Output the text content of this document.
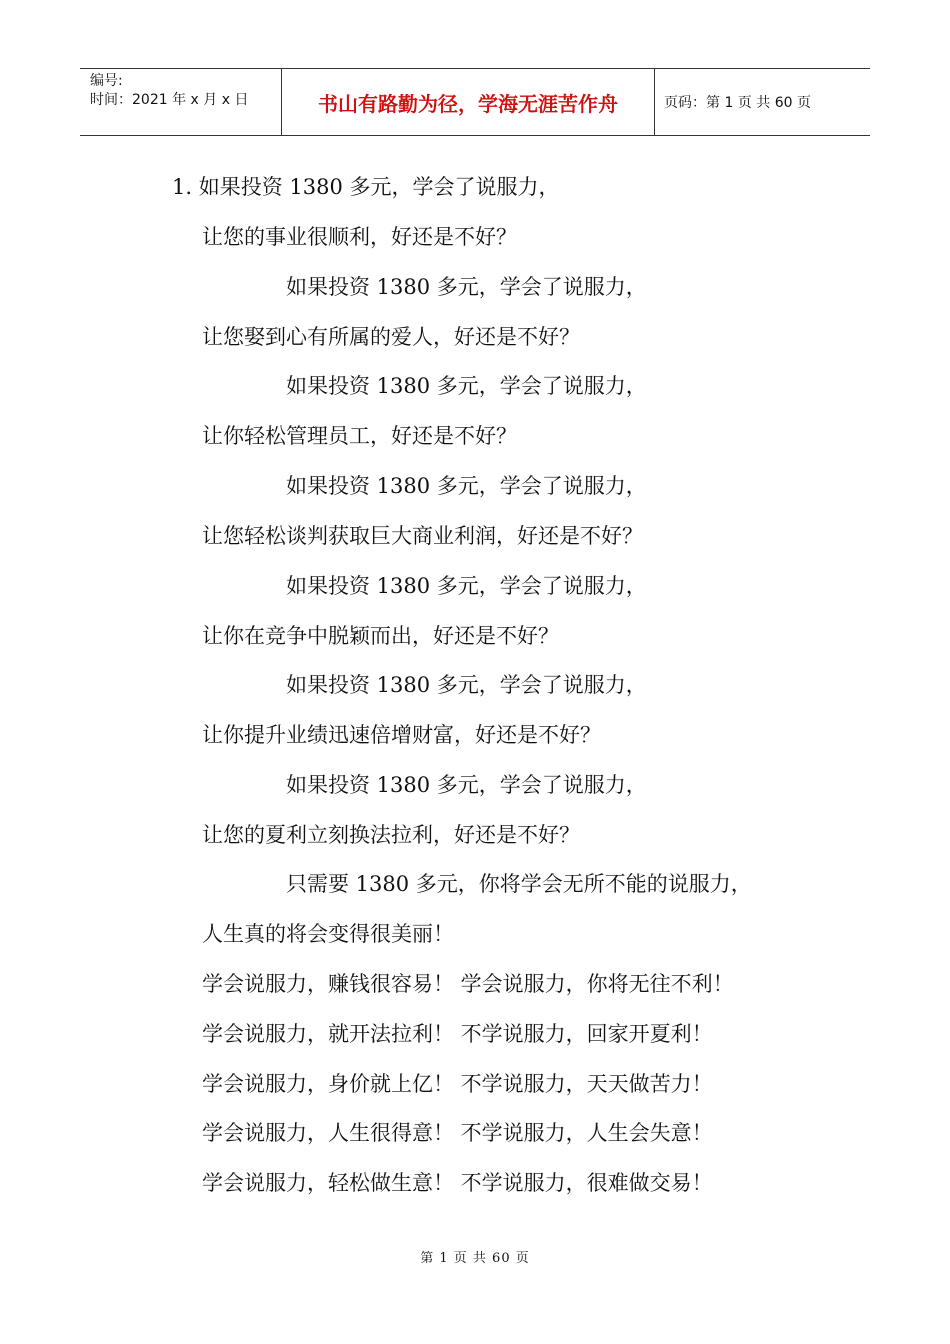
编号:
时间：2021 年 x 月 x 日	书山有路勤为径，学海无涯苦作舟	页码：第 1 页 共 60 页
1. 如果投资 1380 多元，学会了说服力，
让您的事业很顺利，好还是不好？
如果投资 1380 多元，学会了说服力，
让您娶到心有所属的爱人，好还是不好？
如果投资 1380 多元，学会了说服力，
让你轻松管理员工，好还是不好？
如果投资 1380 多元，学会了说服力，
让您轻松谈判获取巨大商业利润，好还是不好？
如果投资 1380 多元，学会了说服力，
让你在竞争中脱颖而出，好还是不好？
如果投资 1380 多元，学会了说服力，
让你提升业绩迅速倍增财富，好还是不好？
如果投资 1380 多元，学会了说服力，
让您的夏利立刻换法拉利，好还是不好？
只需要 1380 多元，你将学会无所不能的说服力，
人生真的将会变得很美丽！
学会说服力，赚钱很容易！ 学会说服力，你将无往不利！
学会说服力，就开法拉利！ 不学说服力，回家开夏利！
学会说服力，身价就上亿！ 不学说服力，天天做苦力！
学会说服力，人生很得意！ 不学说服力，人生会失意！
学会说服力，轻松做生意！ 不学说服力，很难做交易！
第 1 页 共 60 页
